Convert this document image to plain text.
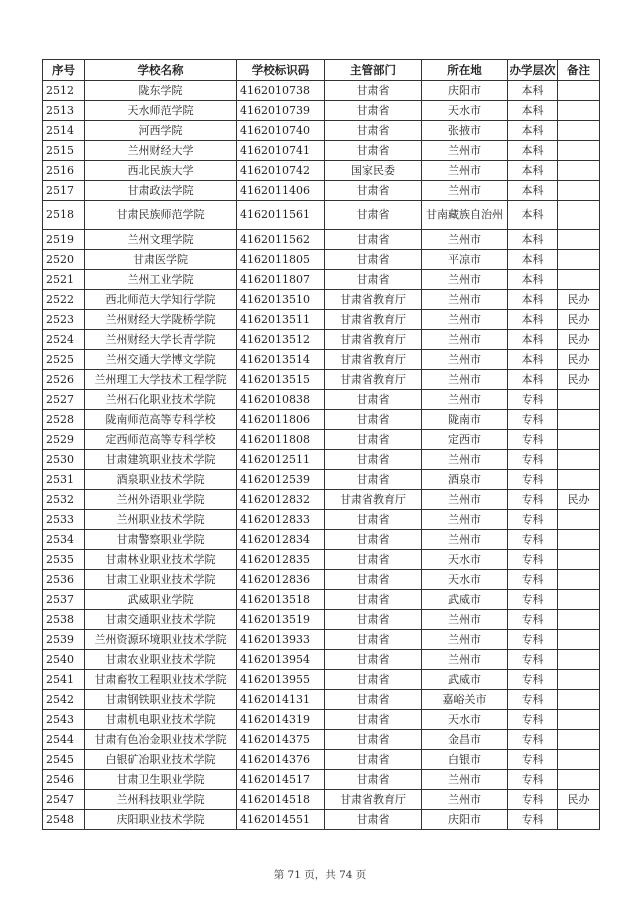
序号	学校名称	学校标识码	主管部门	所在地	办学层次	备注
2512	陇东学院	4162010738	甘肃省	庆阳市	本科	
2513	天水师范学院	4162010739	甘肃省	天水市	本科	
2514	河西学院	4162010740	甘肃省	张掖市	本科	
2515	兰州财经大学	4162010741	甘肃省	兰州市	本科	
2516	西北民族大学	4162010742	国家民委	兰州市	本科	
2517	甘肃政法学院	4162011406	甘肃省	兰州市	本科	
2518	甘肃民族师范学院	4162011561	甘肃省	甘南藏族自治州	本科	
2519	兰州文理学院	4162011562	甘肃省	兰州市	本科	
2520	甘肃医学院	4162011805	甘肃省	平凉市	本科	
2521	兰州工业学院	4162011807	甘肃省	兰州市	本科	
2522	西北师范大学知行学院	4162013510	甘肃省教育厅	兰州市	本科	民办
2523	兰州财经大学陇桥学院	4162013511	甘肃省教育厅	兰州市	本科	民办
2524	兰州财经大学长青学院	4162013512	甘肃省教育厅	兰州市	本科	民办
2525	兰州交通大学博文学院	4162013514	甘肃省教育厅	兰州市	本科	民办
2526	兰州理工大学技术工程学院	4162013515	甘肃省教育厅	兰州市	本科	民办
2527	兰州石化职业技术学院	4162010838	甘肃省	兰州市	专科	
2528	陇南师范高等专科学校	4162011806	甘肃省	陇南市	专科	
2529	定西师范高等专科学校	4162011808	甘肃省	定西市	专科	
2530	甘肃建筑职业技术学院	4162012511	甘肃省	兰州市	专科	
2531	酒泉职业技术学院	4162012539	甘肃省	酒泉市	专科	
2532	兰州外语职业学院	4162012832	甘肃省教育厅	兰州市	专科	民办
2533	兰州职业技术学院	4162012833	甘肃省	兰州市	专科	
2534	甘肃警察职业学院	4162012834	甘肃省	兰州市	专科	
2535	甘肃林业职业技术学院	4162012835	甘肃省	天水市	专科	
2536	甘肃工业职业技术学院	4162012836	甘肃省	天水市	专科	
2537	武威职业学院	4162013518	甘肃省	武威市	专科	
2538	甘肃交通职业技术学院	4162013519	甘肃省	兰州市	专科	
2539	兰州资源环境职业技术学院	4162013933	甘肃省	兰州市	专科	
2540	甘肃农业职业技术学院	4162013954	甘肃省	兰州市	专科	
2541	甘肃畜牧工程职业技术学院	4162013955	甘肃省	武威市	专科	
2542	甘肃钢铁职业技术学院	4162014131	甘肃省	嘉峪关市	专科	
2543	甘肃机电职业技术学院	4162014319	甘肃省	天水市	专科	
2544	甘肃有色冶金职业技术学院	4162014375	甘肃省	金昌市	专科	
2545	白银矿冶职业技术学院	4162014376	甘肃省	白银市	专科	
2546	甘肃卫生职业学院	4162014517	甘肃省	兰州市	专科	
2547	兰州科技职业学院	4162014518	甘肃省教育厅	兰州市	专科	民办
2548	庆阳职业技术学院	4162014551	甘肃省	庆阳市	专科	
第 71 页，共 74 页
